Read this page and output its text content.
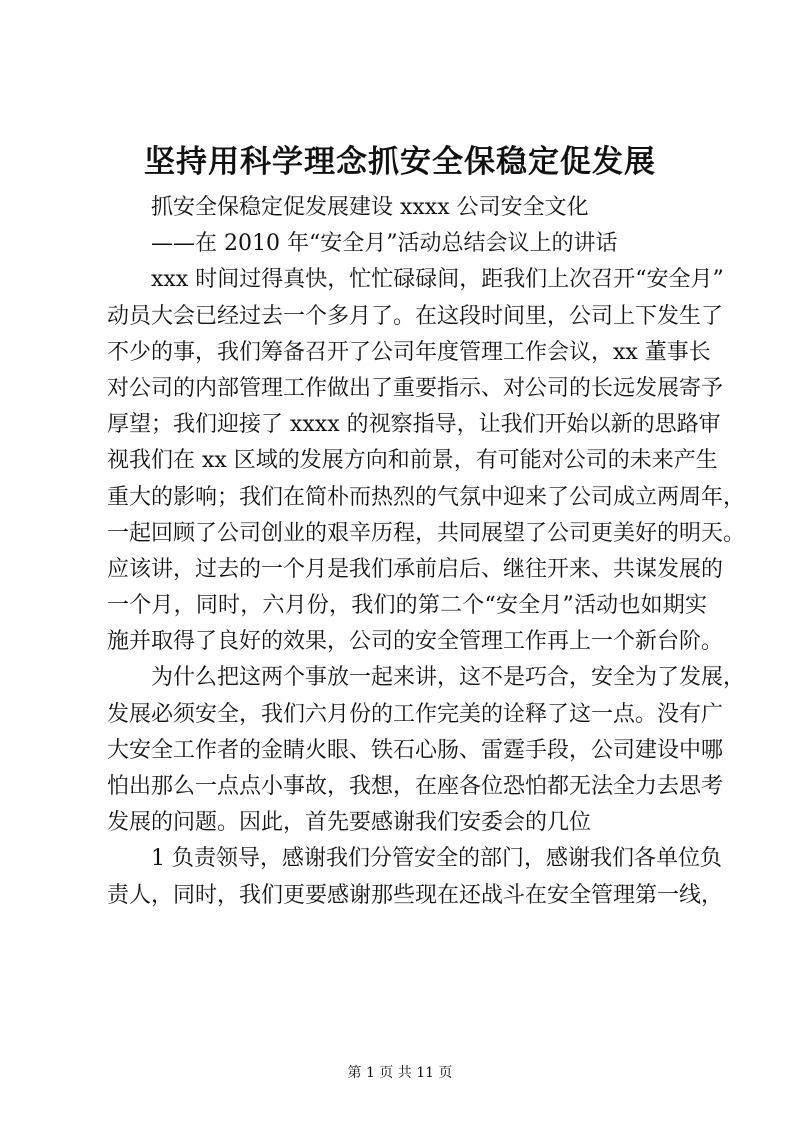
坚持用科学理念抓安全保稳定促发展
抓安全保稳定促发展建设 xxxx 公司安全文化
——在 2010 年“安全月”活动总结会议上的讲话
xxx 时间过得真快，忙忙碌碌间，距我们上次召开“安全月”
动员大会已经过去一个多月了。在这段时间里，公司上下发生了
不少的事，我们筹备召开了公司年度管理工作会议，xx 董事长
对公司的内部管理工作做出了重要指示、对公司的长远发展寄予
厚望；我们迎接了 xxxx 的视察指导，让我们开始以新的思路审
视我们在 xx 区域的发展方向和前景，有可能对公司的未来产生
重大的影响；我们在简朴而热烈的气氛中迎来了公司成立两周年，
一起回顾了公司创业的艰辛历程，共同展望了公司更美好的明天。
应该讲，过去的一个月是我们承前启后、继往开来、共谋发展的
一个月，同时，六月份，我们的第二个“安全月”活动也如期实
施并取得了良好的效果，公司的安全管理工作再上一个新台阶。
为什么把这两个事放一起来讲，这不是巧合，安全为了发展，
发展必须安全，我们六月份的工作完美的诠释了这一点。没有广
大安全工作者的金睛火眼、铁石心肠、雷霆手段，公司建设中哪
怕出那么一点点小事故，我想，在座各位恐怕都无法全力去思考
发展的问题。因此，首先要感谢我们安委会的几位
1 负责领导，感谢我们分管安全的部门，感谢我们各单位负
责人，同时，我们更要感谢那些现在还战斗在安全管理第一线，
第 1 页 共 11 页
